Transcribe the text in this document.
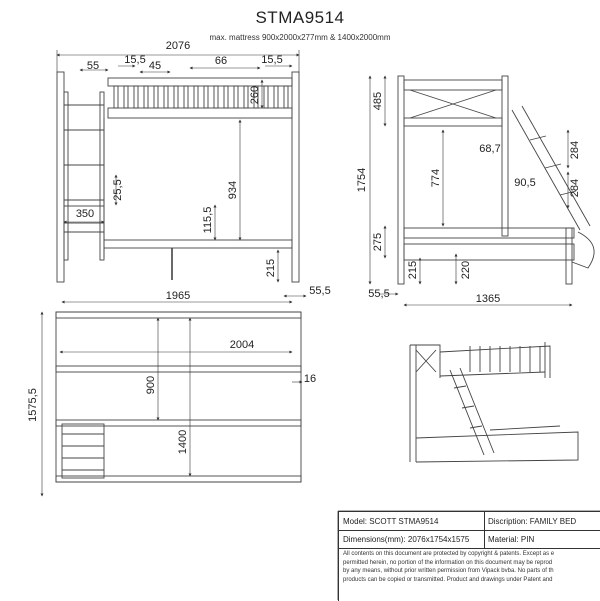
STMA9514
max. mattress 900x2000x277mm & 1400x2000mm
2076
55 15,5 45	66	15,5
260
25,5	934
350	115,5
215
1965	55,5
485
1754
68,7
774
284
90,5	284
275
215	220
55,5	1365
1575,5
2004
900	16
1400
Model: SCOTT STMA9514	Discription: FAMILY BED
Dimensions(mm): 2076x1754x1575	Material: PIN
All contents on this document are protected by copyright & patents. Except as e
permitted herein, no portion of the information on this document may be reprod
by any means, without prior written permission from Vipack bvba. No parts of th
products can be copied or transmitted. Product and drawings under Patent and
